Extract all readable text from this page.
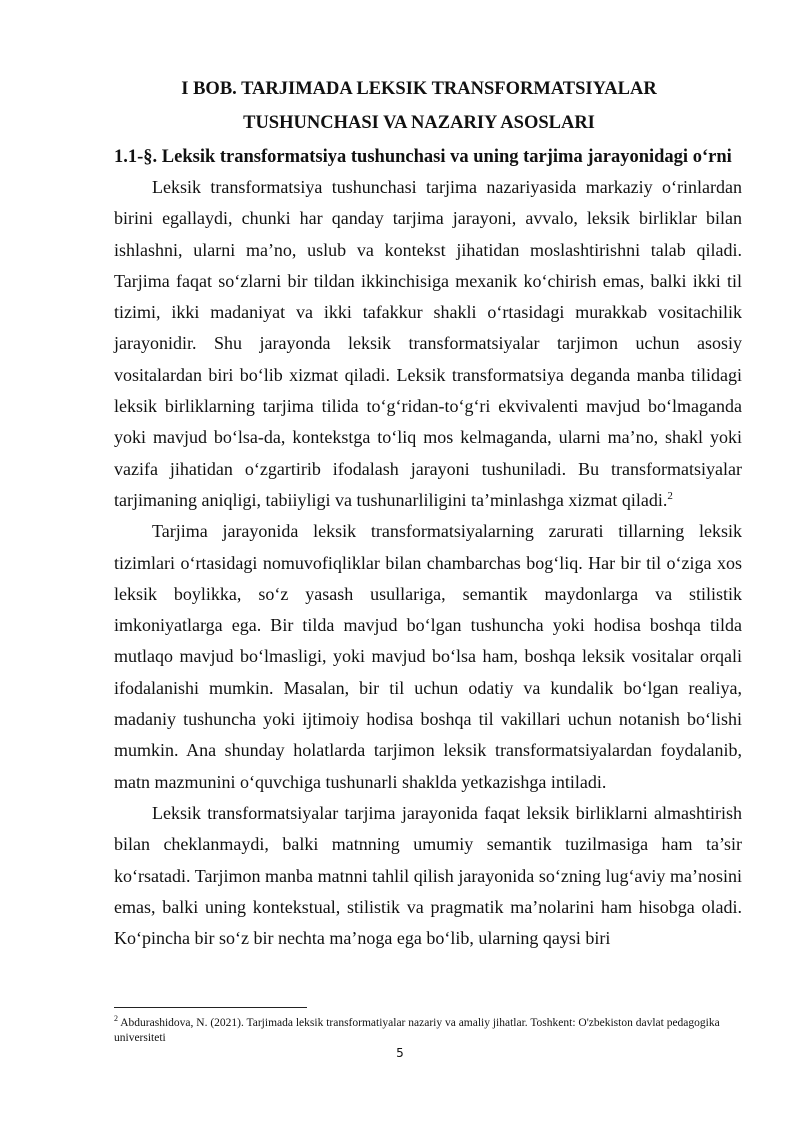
I BOB. TARJIMADA LEKSIK TRANSFORMATSIYALAR
TUSHUNCHASI VA NAZARIY ASOSLARI
1.1-§. Leksik transformatsiya tushunchasi va uning tarjima jarayonidagi o‘rni

Leksik transformatsiya tushunchasi tarjima nazariyasida markaziy o‘rinlardan birini egallaydi, chunki har qanday tarjima jarayoni, avvalo, leksik birliklar bilan ishlashni, ularni ma’no, uslub va kontekst jihatidan moslashtirishni talab qiladi. Tarjima faqat so‘zlarni bir tildan ikkinchisiga mexanik ko‘chirish emas, balki ikki til tizimi, ikki madaniyat va ikki tafakkur shakli o‘rtasidagi murakkab vositachilik jarayonidir. Shu jarayonda leksik transformatsiyalar tarjimon uchun asosiy vositalardan biri bo‘lib xizmat qiladi. Leksik transformatsiya deganda manba tilidagi leksik birliklarning tarjima tilida to‘g‘ridan-to‘g‘ri ekvivalenti mavjud bo‘lmaganda yoki mavjud bo‘lsa-da, kontekstga to‘liq mos kelmaganda, ularni ma’no, shakl yoki vazifa jihatidan o‘zgartirib ifodalash jarayoni tushuniladi. Bu transformatsiyalar tarjimaning aniqligi, tabiiyligi va tushunarliligini ta’minlashga xizmat qiladi.$^2$

Tarjima jarayonida leksik transformatsiyalarning zarurati tillarning leksik tizimlari o‘rtasidagi nomuvofiqliklar bilan chambarchas bog‘liq. Har bir til o‘ziga xos leksik boylikka, so‘z yasash usullariga, semantik maydonlarga va stilistik imkoniyatlarga ega. Bir tilda mavjud bo‘lgan tushuncha yoki hodisa boshqa tilda mutlaqo mavjud bo‘lmasligi, yoki mavjud bo‘lsa ham, boshqa leksik vositalar orqali ifodalanishi mumkin. Masalan, bir til uchun odatiy va kundalik bo‘lgan realiya, madaniy tushuncha yoki ijtimoiy hodisa boshqa til vakillari uchun notanish bo‘lishi mumkin. Ana shunday holatlarda tarjimon leksik transformatsiyalardan foydalanib, matn mazmunini o‘quvchiga tushunarli shaklda yetkazishga intiladi.

Leksik transformatsiyalar tarjima jarayonida faqat leksik birliklarni almashtirish bilan cheklanmaydi, balki matnning umumiy semantik tuzilmasiga ham ta’sir ko‘rsatadi. Tarjimon manba matnni tahlil qilish jarayonida so‘zning lug‘aviy ma’nosini emas, balki uning kontekstual, stilistik va pragmatik ma’nolarini ham hisobga oladi. Ko‘pincha bir so‘z bir nechta ma’noga ega bo‘lib, ularning qaysi biri

$^2$ Abdurashidova, N. (2021). Tarjimada leksik transformatiyalar nazariy va amaliy jihatlar. Toshkent: O'zbekiston davlat pedagogika universiteti
5
